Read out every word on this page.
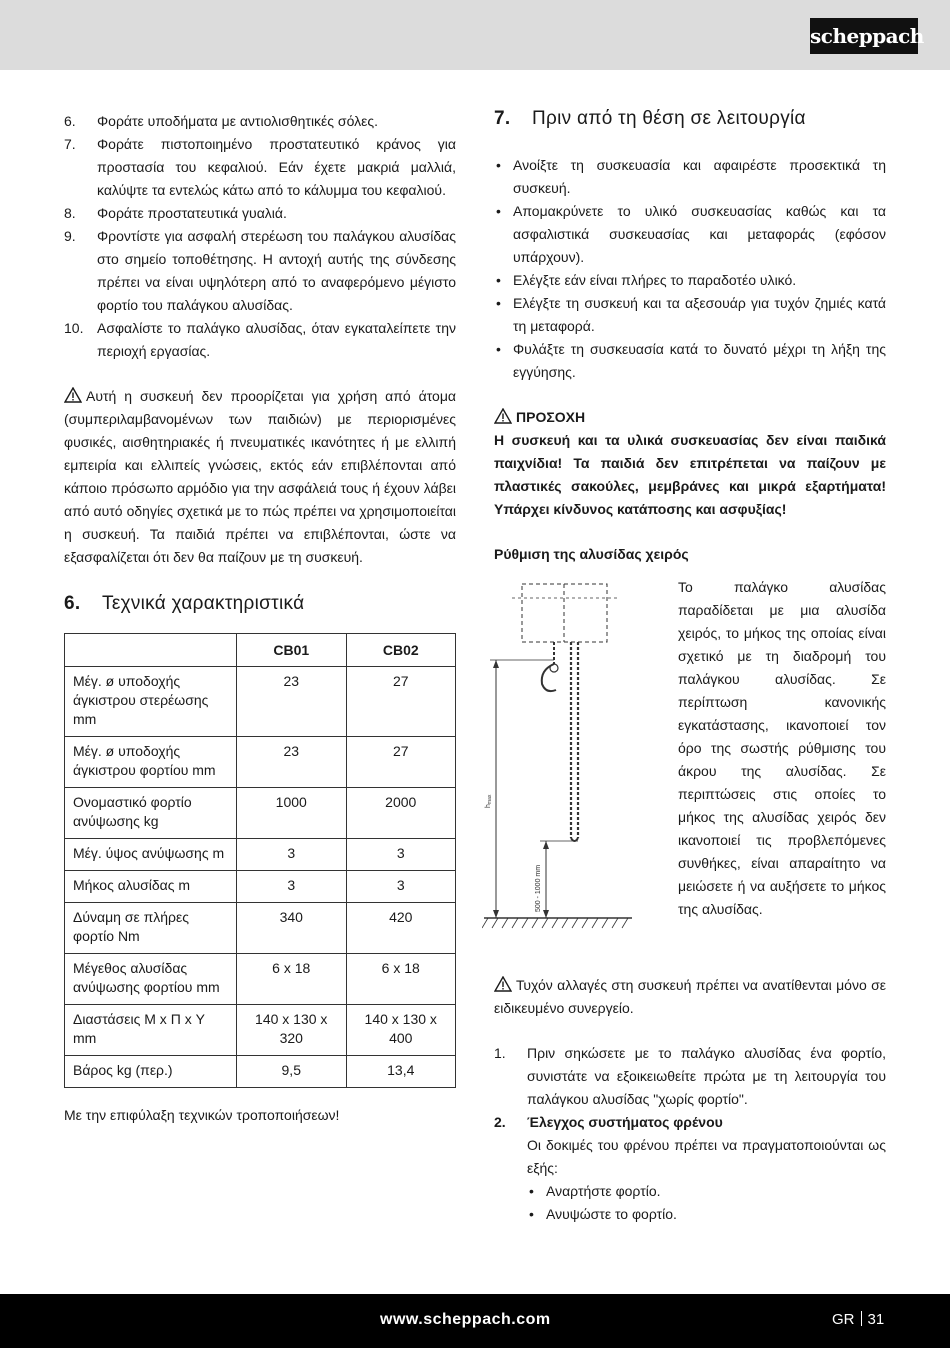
scheppach
6. Φοράτε υποδήματα με αντιολισθητικές σόλες.
7. Φοράτε πιστοποιημένο προστατευτικό κράνος για προστασία του κεφαλιού. Εάν έχετε μακριά μαλλιά, καλύψτε τα εντελώς κάτω από το κάλυμμα του κεφαλιού.
8. Φοράτε προστατευτικά γυαλιά.
9. Φροντίστε για ασφαλή στερέωση του παλάγκου αλυσίδας στο σημείο τοποθέτησης. Η αντοχή αυτής της σύνδεσης πρέπει να είναι υψηλότερη από το αναφερόμενο μέγιστο φορτίο του παλάγκου αλυσίδας.
10. Ασφαλίστε το παλάγκο αλυσίδας, όταν εγκαταλείπετε την περιοχή εργασίας.

Αυτή η συσκευή δεν προορίζεται για χρήση από άτομα (συμπεριλαμβανομένων των παιδιών) με περιορισμένες φυσικές, αισθητηριακές ή πνευματικές ικανότητες ή με ελλιπή εμπειρία και ελλιπείς γνώσεις, εκτός εάν επιβλέπονται από κάποιο πρόσωπο αρμόδιο για την ασφάλειά τους ή έχουν λάβει από αυτό οδηγίες σχετικά με το πώς πρέπει να χρησιμοποιείται η συσκευή. Τα παιδιά πρέπει να επιβλέπονται, ώστε να εξασφαλίζεται ότι δεν θα παίζουν με τη συσκευή.

6. Τεχνικά χαρακτηριστικά
	CB01	CB02
Μέγ. ø υποδοχής άγκιστρου στερέωσης mm	23	27
Μέγ. ø υποδοχής άγκιστρου φορτίου mm	23	27
Ονομαστικό φορτίο ανύψωσης kg	1000	2000
Μέγ. ύψος ανύψωσης m	3	3
Μήκος αλυσίδας m	3	3
Δύναμη σε πλήρες φορτίο Nm	340	420
Μέγεθος αλυσίδας ανύψωσης φορτίου mm	6 x 18	6 x 18
Διαστάσεις Μ x Π x Υ mm	140 x 130 x 320	140 x 130 x 400
Βάρος kg (περ.)	9,5	13,4

Με την επιφύλαξη τεχνικών τροποποιήσεων!

7. Πριν από τη θέση σε λειτουργία
• Ανοίξτε τη συσκευασία και αφαιρέστε προσεκτικά τη συσκευή.
• Απομακρύνετε το υλικό συσκευασίας καθώς και τα ασφαλιστικά συσκευασίας και μεταφοράς (εφόσον υπάρχουν).
• Ελέγξτε εάν είναι πλήρες το παραδοτέο υλικό.
• Ελέγξτε τη συσκευή και τα αξεσουάρ για τυχόν ζημιές κατά τη μεταφορά.
• Φυλάξτε τη συσκευασία κατά το δυνατό μέχρι τη λήξη της εγγύησης.

ΠΡΟΣΟΧΗ

Η συσκευή και τα υλικά συσκευασίας δεν είναι παιδικά παιχνίδια! Τα παιδιά δεν επιτρέπεται να παίζουν με πλαστικές σακούλες, μεμβράνες και μικρά εξαρτήματα! Υπάρχει κίνδυνος κατάποσης και ασφυξίας!

Ρύθμιση της αλυσίδας χειρός

hmax
500 - 1000 mm

Το παλάγκο αλυσίδας παραδίδεται με μια αλυσίδα χειρός, το μήκος της οποίας είναι σχετικό με τη διαδρομή του παλάγκου αλυσίδας. Σε περίπτωση κανονικής εγκατάστασης, ικανοποιεί τον όρο της σωστής ρύθμισης του άκρου της αλυσίδας. Σε περιπτώσεις στις οποίες το μήκος της αλυσίδας χειρός δεν ικανοποιεί τις προβλεπόμενες συνθήκες, είναι απαραίτητο να μειώσετε ή να αυξήσετε το μήκος της αλυσίδας.

Τυχόν αλλαγές στη συσκευή πρέπει να ανατίθενται μόνο σε ειδικευμένο συνεργείο.

1. Πριν σηκώσετε με το παλάγκο αλυσίδας ένα φορτίο, συνιστάτε να εξοικειωθείτε πρώτα με τη λειτουργία του παλάγκου αλυσίδας "χωρίς φορτίο".
2. Έλεγχος συστήματος φρένου
Οι δοκιμές του φρένου πρέπει να πραγματοποιούνται ως εξής:
• Αναρτήστε φορτίο.
• Ανυψώστε το φορτίο.
www.scheppach.com	GR 31
